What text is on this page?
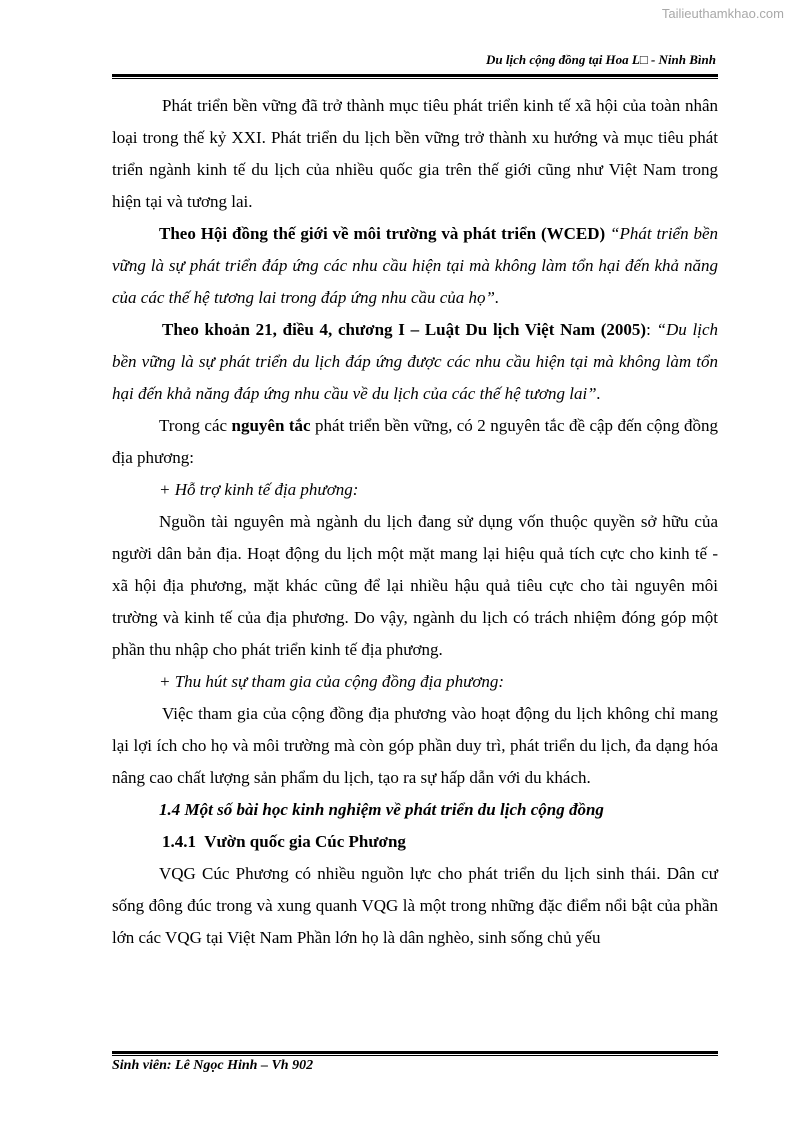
Tailieuthamkhao.com
Du lịch cộng đồng tại Hoa L□ - Ninh Bình

Phát triển bền vững đã trở thành mục tiêu phát triển kinh tế xã hội của toàn nhân loại trong thế kỷ XXI. Phát triển du lịch bền vững trở thành xu hướng và mục tiêu phát triển ngành kinh tế du lịch của nhiều quốc gia trên thế giới cũng như Việt Nam trong hiện tại và tương lai.

Theo Hội đồng thế giới về môi trường và phát triển (WCED) “Phát triển bền vững là sự phát triển đáp ứng các nhu cầu hiện tại mà không làm tổn hại đến khả năng của các thế hệ tương lai trong đáp ứng nhu cầu của họ”.

Theo khoản 21, điều 4, chương I – Luật Du lịch Việt Nam (2005): “Du lịch bền vững là sự phát triển du lịch đáp ứng được các nhu cầu hiện tại mà không làm tổn hại đến khả năng đáp ứng nhu cầu về du lịch của các thế hệ tương lai”.

Trong các nguyên tắc phát triển bền vững, có 2 nguyên tắc đề cập đến cộng đồng địa phương:

+ Hỗ trợ kinh tế địa phương:

Nguồn tài nguyên mà ngành du lịch đang sử dụng vốn thuộc quyền sở hữu của người dân bản địa. Hoạt động du lịch một mặt mang lại hiệu quả tích cực cho kinh tế - xã hội địa phương, mặt khác cũng để lại nhiều hậu quả tiêu cực cho tài nguyên môi trường và kinh tế của địa phương. Do vậy, ngành du lịch có trách nhiệm đóng góp một phần thu nhập cho phát triển kinh tế địa phương.

+ Thu hút sự tham gia của cộng đồng địa phương:

Việc tham gia của cộng đồng địa phương vào hoạt động du lịch không chỉ mang lại lợi ích cho họ và môi trường mà còn góp phần duy trì, phát triển du lịch, đa dạng hóa nâng cao chất lượng sản phẩm du lịch, tạo ra sự hấp dẫn với du khách.

1.4 Một số bài học kinh nghiệm về phát triển du lịch cộng đồng

1.4.1  Vườn quốc gia Cúc Phương

VQG Cúc Phương có nhiều nguồn lực cho phát triển du lịch sinh thái. Dân cư sống đông đúc trong và xung quanh VQG là một trong những đặc điểm nổi bật của phần lớn các VQG tại Việt Nam Phần lớn họ là dân nghèo, sinh sống chủ yếu

Sinh viên: Lê Ngọc Hinh – Vh 902
